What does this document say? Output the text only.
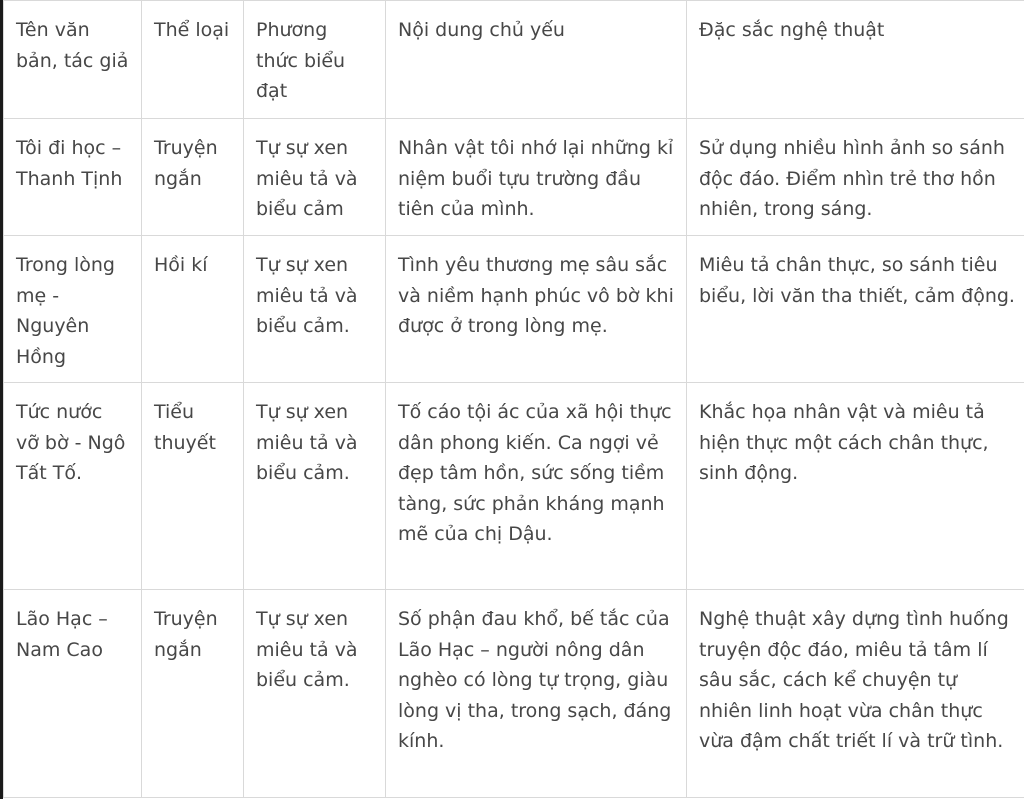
Tên văn bản, tác giả	Thể loại	Phương thức biểu đạt	Nội dung chủ yếu	Đặc sắc nghệ thuật
Tôi đi học – Thanh Tịnh	Truyện ngắn	Tự sự xen miêu tả và biểu cảm	Nhân vật tôi nhớ lại những kỉ niệm buổi tựu trường đầu tiên của mình.	Sử dụng nhiều hình ảnh so sánh độc đáo. Điểm nhìn trẻ thơ hồn nhiên, trong sáng.
Trong lòng mẹ - Nguyên Hồng	Hồi kí	Tự sự xen miêu tả và biểu cảm.	Tình yêu thương mẹ sâu sắc và niềm hạnh phúc vô bờ khi được ở trong lòng mẹ.	Miêu tả chân thực, so sánh tiêu biểu, lời văn tha thiết, cảm động.
Tức nước vỡ bờ - Ngô Tất Tố.	Tiểu thuyết	Tự sự xen miêu tả và biểu cảm.	Tố cáo tội ác của xã hội thực dân phong kiến. Ca ngợi vẻ đẹp tâm hồn, sức sống tiềm tàng, sức phản kháng mạnh mẽ của chị Dậu.	Khắc họa nhân vật và miêu tả hiện thực một cách chân thực, sinh động.
Lão Hạc – Nam Cao	Truyện ngắn	Tự sự xen miêu tả và biểu cảm.	Số phận đau khổ, bế tắc của Lão Hạc – người nông dân nghèo có lòng tự trọng, giàu lòng vị tha, trong sạch, đáng kính.	Nghệ thuật xây dựng tình huống truyện độc đáo, miêu tả tâm lí sâu sắc, cách kể chuyện tự nhiên linh hoạt vừa chân thực vừa đậm chất triết lí và trữ tình.
